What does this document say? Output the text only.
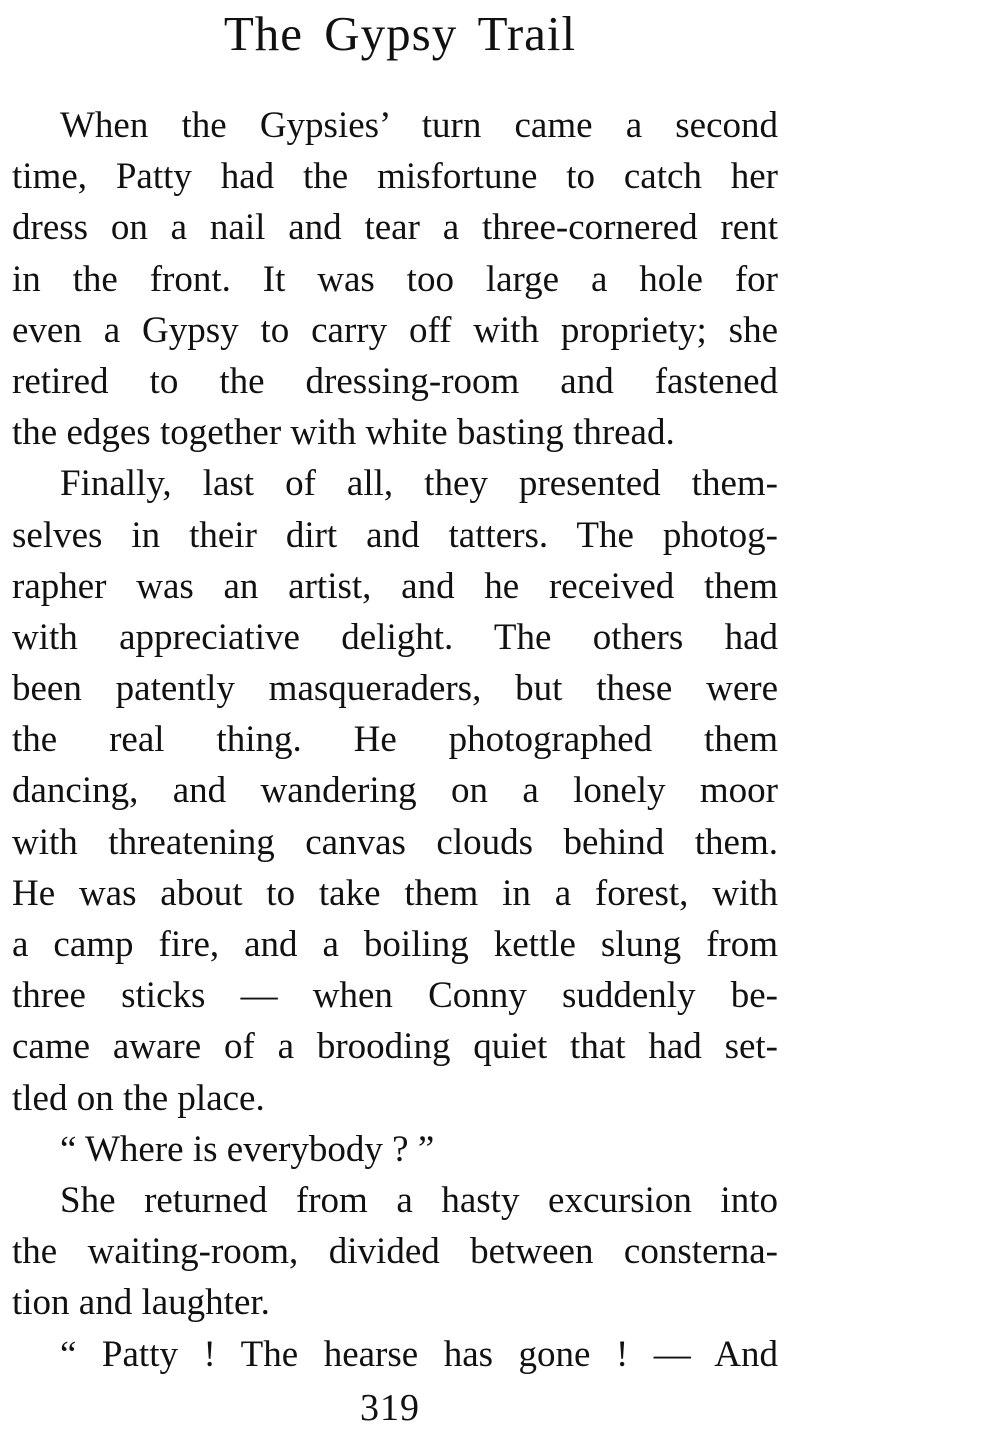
The Gypsy Trail
When the Gypsies’ turn came a second
time, Patty had the misfortune to catch her
dress on a nail and tear a three-cornered rent
in the front. It was too large a hole for
even a Gypsy to carry off with propriety; she
retired to the dressing-room and fastened
the edges together with white basting thread.
Finally, last of all, they presented them-
selves in their dirt and tatters. The photog-
rapher was an artist, and he received them
with appreciative delight. The others had
been patently masqueraders, but these were
the real thing. He photographed them
dancing, and wandering on a lonely moor
with threatening canvas clouds behind them.
He was about to take them in a forest, with
a camp fire, and a boiling kettle slung from
three sticks — when Conny suddenly be-
came aware of a brooding quiet that had set-
tled on the place.
“ Where is everybody ? ”
She returned from a hasty excursion into
the waiting-room, divided between consterna-
tion and laughter.
“ Patty ! The hearse has gone ! — And
319
